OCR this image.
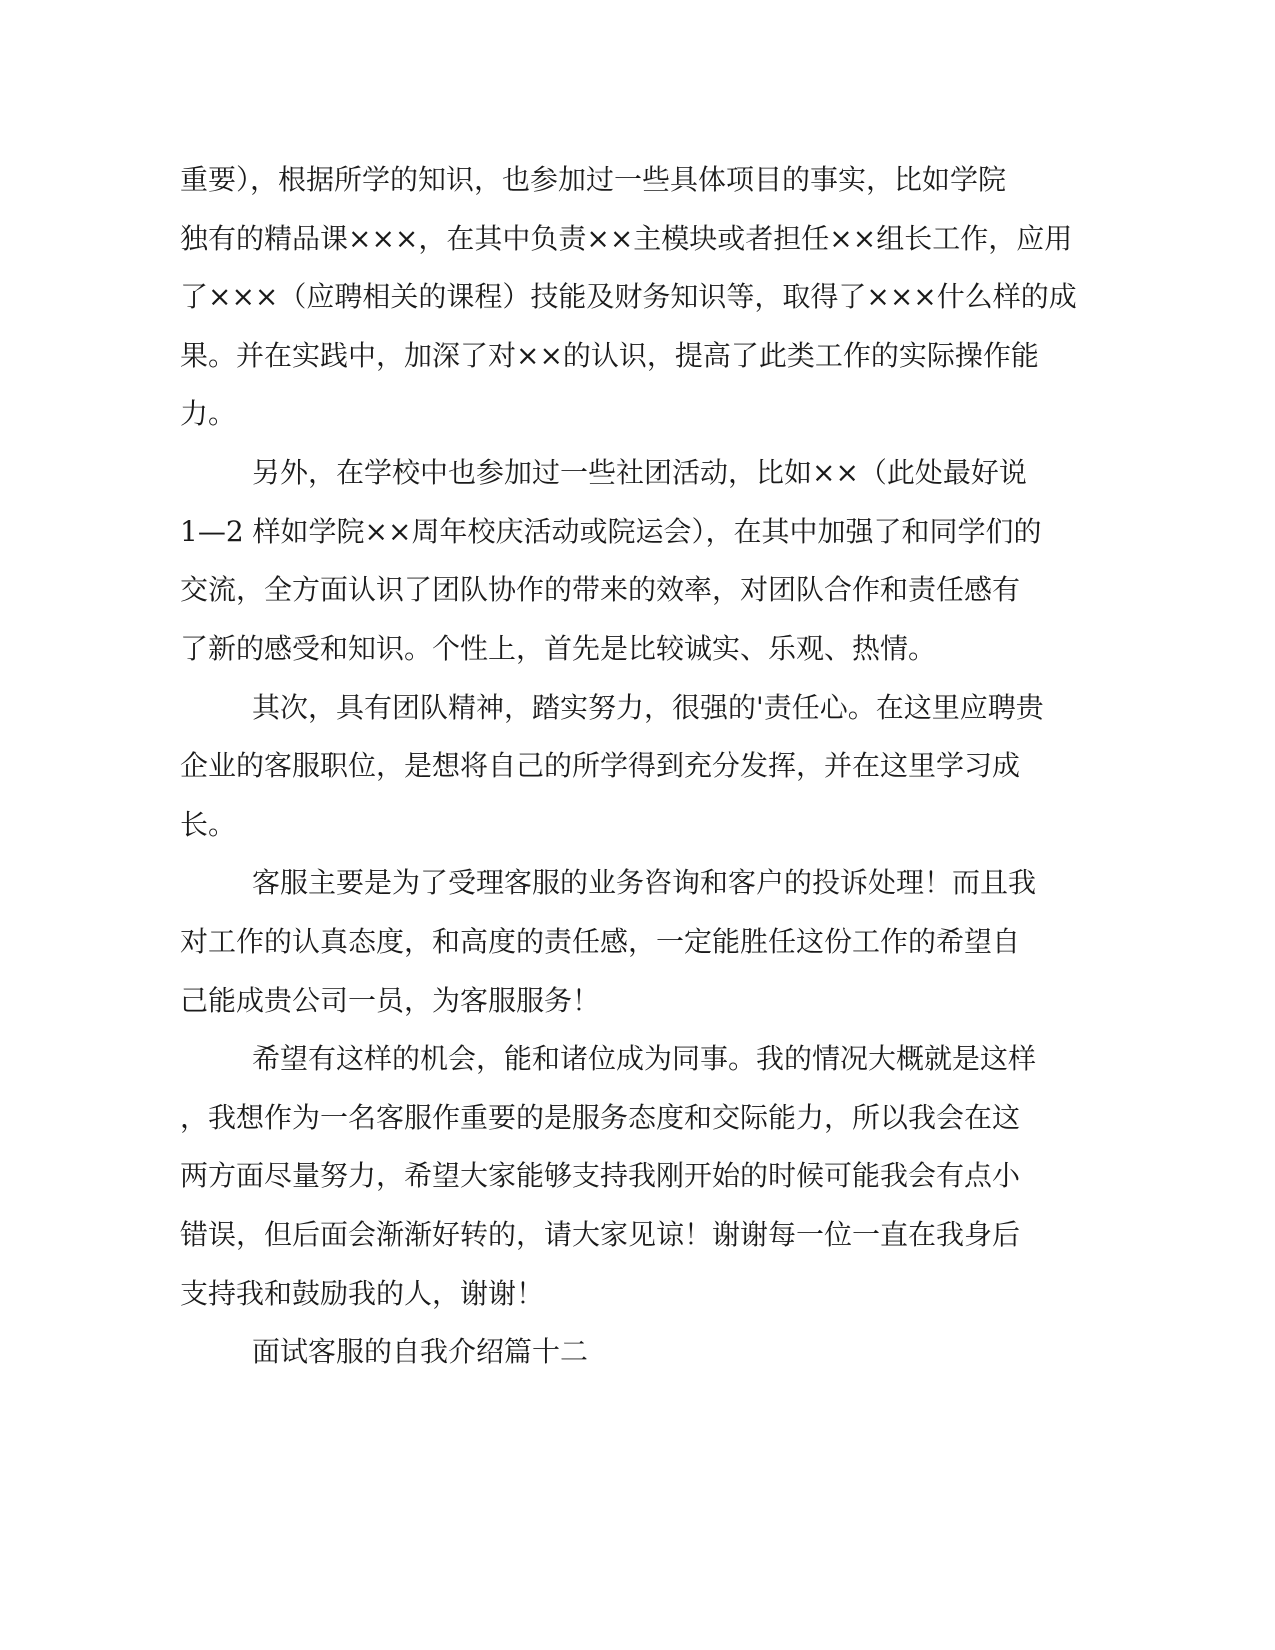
重要），根据所学的知识，也参加过一些具体项目的事实，比如学院
独有的精品课×××，在其中负责××主模块或者担任××组长工作，应用
了×××（应聘相关的课程）技能及财务知识等，取得了×××什么样的成
果。并在实践中，加深了对××的认识，提高了此类工作的实际操作能
力。
另外，在学校中也参加过一些社团活动，比如××（此处最好说
1—2 样如学院××周年校庆活动或院运会），在其中加强了和同学们的
交流，全方面认识了团队协作的带来的效率，对团队合作和责任感有
了新的感受和知识。个性上，首先是比较诚实、乐观、热情。
其次，具有团队精神，踏实努力，很强的'责任心。在这里应聘贵
企业的客服职位，是想将自己的所学得到充分发挥，并在这里学习成
长。
客服主要是为了受理客服的业务咨询和客户的投诉处理！而且我
对工作的认真态度，和高度的责任感，一定能胜任这份工作的希望自
己能成贵公司一员，为客服服务！
希望有这样的机会，能和诸位成为同事。我的情况大概就是这样
，我想作为一名客服作重要的是服务态度和交际能力，所以我会在这
两方面尽量努力，希望大家能够支持我刚开始的时候可能我会有点小
错误，但后面会渐渐好转的，请大家见谅！谢谢每一位一直在我身后
支持我和鼓励我的人，谢谢！
面试客服的自我介绍篇十二
